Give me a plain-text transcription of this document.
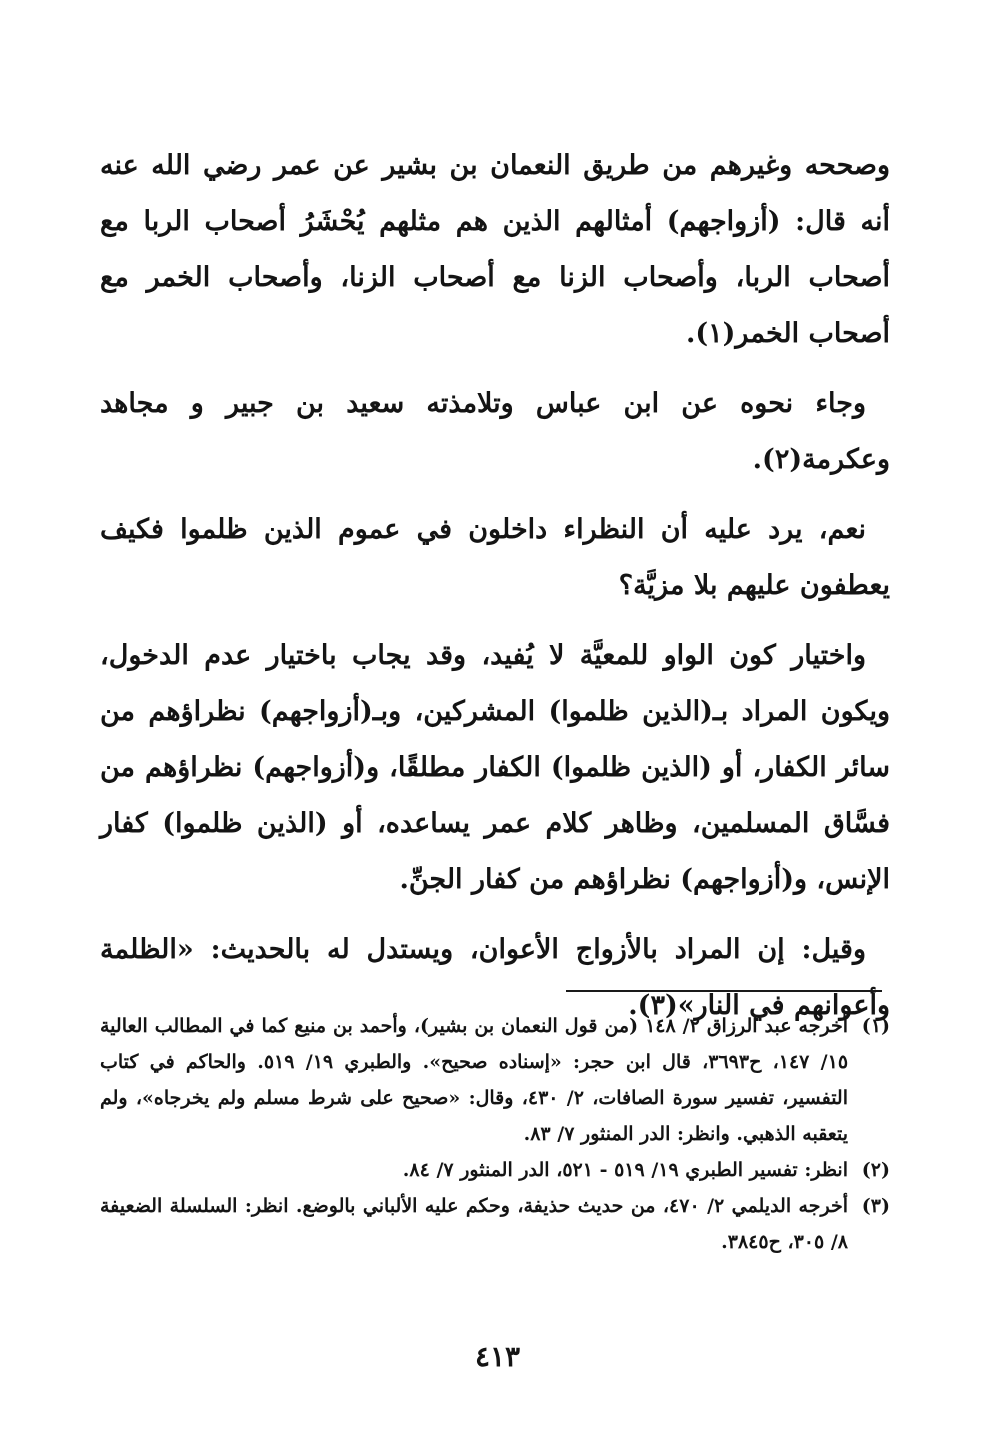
وصححه وغيرهم من طريق النعمان بن بشير عن عمر رضي الله عنه أنه قال: (أزواجهم) أمثالهم الذين هم مثلهم يُحْشَرُ أصحاب الربا مع أصحاب الربا، وأصحاب الزنا مع أصحاب الزنا، وأصحاب الخمر مع أصحاب الخمر(١).

وجاء نحوه عن ابن عباس وتلامذته سعيد بن جبير و مجاهد وعكرمة(٢).

نعم، يرد عليه أن النظراء داخلون في عموم الذين ظلموا فكيف يعطفون عليهم بلا مزيَّة؟

واختيار كون الواو للمعيَّة لا يُفيد، وقد يجاب باختيار عدم الدخول، ويكون المراد بـ(الذين ظلموا) المشركين، وبـ(أزواجهم) نظراؤهم من سائر الكفار، أو (الذين ظلموا) الكفار مطلقًا، و(أزواجهم) نظراؤهم من فسَّاق المسلمين، وظاهر كلام عمر يساعده، أو (الذين ظلموا) كفار الإنس، و(أزواجهم) نظراؤهم من كفار الجنِّ.

وقيل: إن المراد بالأزواج الأعوان، ويستدل له بالحديث: «الظلمة وأعوانهم في النار»(٣).

(١)
أخرجه عبد الرزاق ٢/ ١٤٨ (من قول النعمان بن بشير)، وأحمد بن منيع كما في المطالب العالية ١٥/ ١٤٧، ح٣٦٩٣، قال ابن حجر: «إسناده صحيح». والطبري ١٩/ ٥١٩. والحاكم في كتاب التفسير، تفسير سورة الصافات، ٢/ ٤٣٠، وقال: «صحيح على شرط مسلم ولم يخرجاه»، ولم يتعقبه الذهبي. وانظر: الدر المنثور ٧/ ٨٣.
(٢)
انظر: تفسير الطبري ١٩/ ٥١٩ - ٥٢١، الدر المنثور ٧/ ٨٤.
(٣)
أخرجه الديلمي ٢/ ٤٧٠، من حديث حذيفة، وحكم عليه الألباني بالوضع. انظر: السلسلة الضعيفة ٨/ ٣٠٥، ح٣٨٤٥.
٤١٣
